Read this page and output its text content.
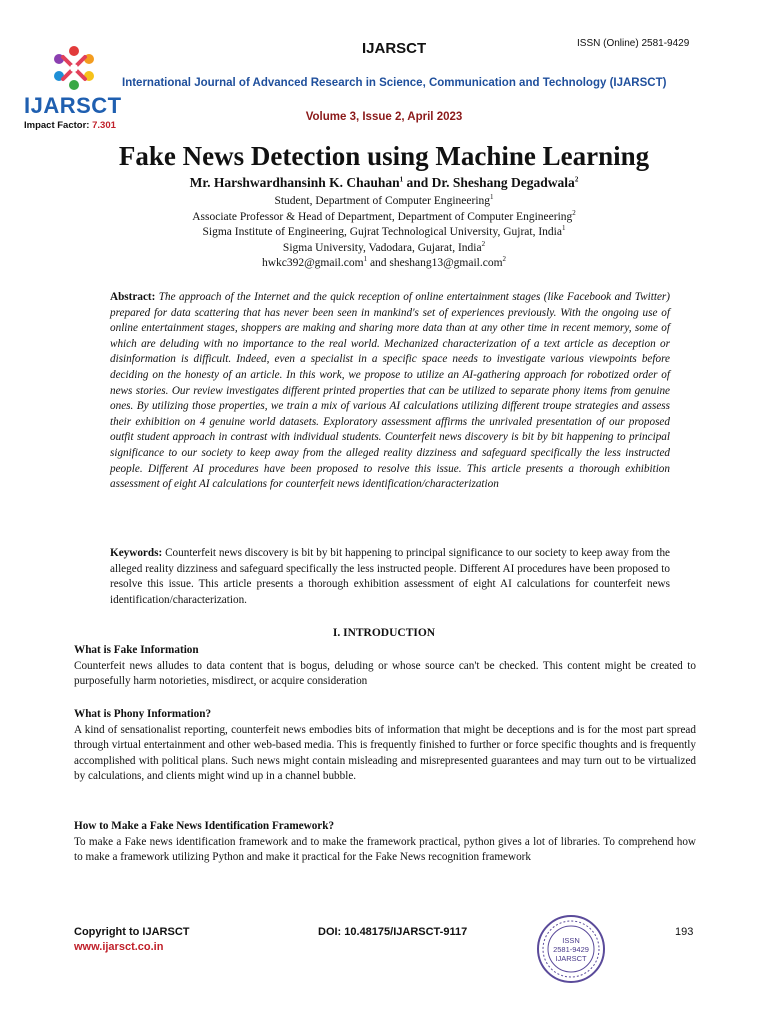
IJARSCT
Impact Factor: 7.301
IJARSCT	ISSN (Online) 2581-9429
International Journal of Advanced Research in Science, Communication and Technology (IJARSCT)
Volume 3, Issue 2, April 2023
Fake News Detection using Machine Learning
Mr. Harshwardhansinh K. Chauhan$^1$ and Dr. Sheshang Degadwala$^2$
Student, Department of Computer Engineering$^1$
Associate Professor & Head of Department, Department of Computer Engineering$^2$
Sigma Institute of Engineering, Gujrat Technological University, Gujrat, India$^1$
Sigma University, Vadodara, Gujarat, India$^2$
hwkc392@gmail.com$^1$ and sheshang13@gmail.com$^2$
Abstract: The approach of the Internet and the quick reception of online entertainment stages (like Facebook and Twitter) prepared for data scattering that has never been seen in mankind's set of experiences previously. With the ongoing use of online entertainment stages, shoppers are making and sharing more data than at any other time in recent memory, some of which are deluding with no importance to the real world. Mechanized characterization of a text article as deception or disinformation is difficult. Indeed, even a specialist in a specific space needs to investigate various viewpoints before deciding on the honesty of an article. In this work, we propose to utilize an AI-gathering approach for robotized order of news stories. Our review investigates different printed properties that can be utilized to separate phony items from genuine ones. By utilizing those properties, we train a mix of various AI calculations utilizing different troupe strategies and assess their exhibition on 4 genuine world datasets. Exploratory assessment affirms the unrivaled presentation of our proposed outfit student approach in contrast with individual students. Counterfeit news discovery is bit by bit happening to principal significance to our society to keep away from the alleged reality dizziness and safeguard specifically the less instructed people. Different AI procedures have been proposed to resolve this issue. This article presents a thorough exhibition assessment of eight AI calculations for counterfeit news identification/characterization
Keywords: Counterfeit news discovery is bit by bit happening to principal significance to our society to keep away from the alleged reality dizziness and safeguard specifically the less instructed people. Different AI procedures have been proposed to resolve this issue. This article presents a thorough exhibition assessment of eight AI calculations for counterfeit news identification/characterization.
I. INTRODUCTION
What is Fake Information

Counterfeit news alludes to data content that is bogus, deluding or whose source can't be checked. This content might be created to purposefully harm notorieties, misdirect, or acquire consideration

What is Phony Information?

A kind of sensationalist reporting, counterfeit news embodies bits of information that might be deceptions and is for the most part spread through virtual entertainment and other web-based media. This is frequently finished to further or force specific thoughts and is frequently accomplished with political plans. Such news might contain misleading and misrepresented guarantees and may turn out to be virtualized by calculations, and clients might wind up in a channel bubble.

How to Make a Fake News Identification Framework?

To make a Fake news identification framework and to make the framework practical, python gives a lot of libraries. To comprehend how to make a framework utilizing Python and make it practical for the Fake News recognition framework

Copyright to IJARSCT
www.ijarsct.co.in
DOI: 10.48175/IJARSCT-9117	193
ISSN
2581-9429
IJARSCT
